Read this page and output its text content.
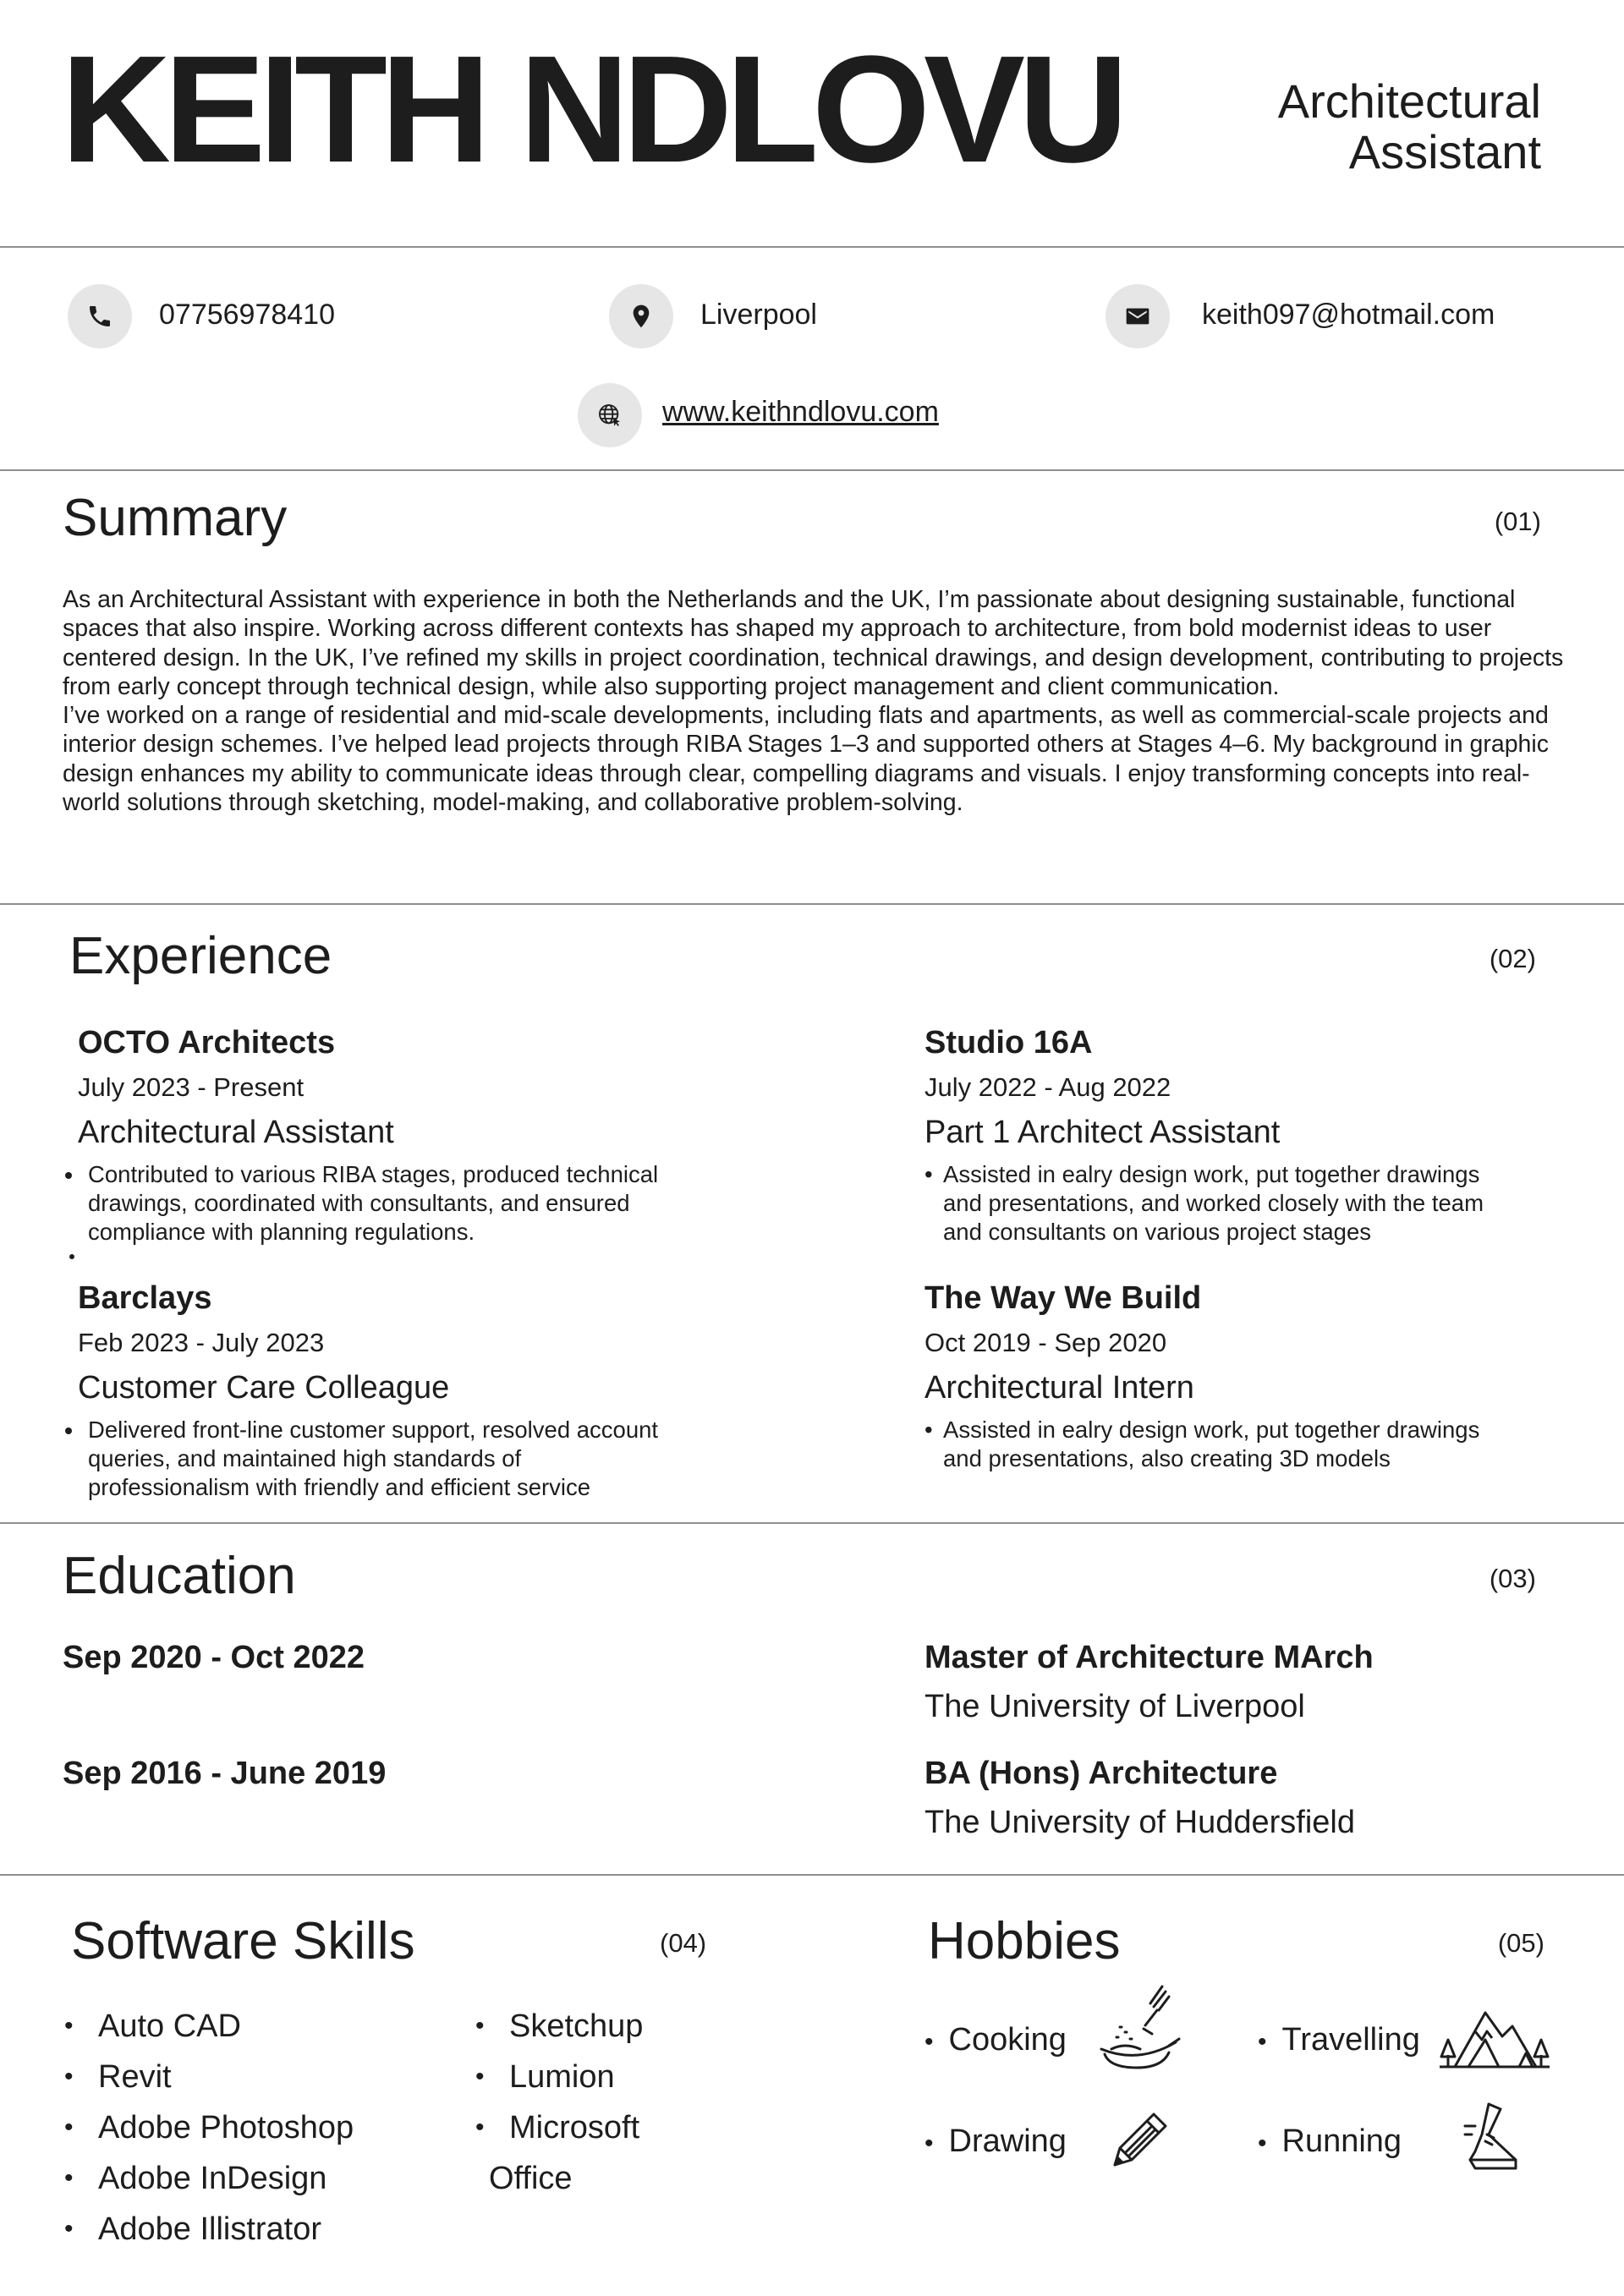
KEITH NDLOVU	Architectural
Assistant
07756978410	Liverpool	keith097@hotmail.com
www.keithndlovu.com
Summary	(01)

As an Architectural Assistant with experience in both the Netherlands and the UK, I’m passionate about designing sustainable, functional spaces that also inspire. Working across different contexts has shaped my approach to architecture, from bold modernist ideas to user centered design. In the UK, I’ve refined my skills in project coordination, technical drawings, and design development, contributing to projects from early concept through technical design, while also supporting project management and client communication.

I’ve worked on a range of residential and mid-scale developments, including flats and apartments, as well as commercial-scale projects and interior design schemes. I’ve helped lead projects through RIBA Stages 1–3 and supported others at Stages 4–6. My background in graphic design enhances my ability to communicate ideas through clear, compelling diagrams and visuals. I enjoy transforming concepts into real-world solutions through sketching, model-making, and collaborative problem-solving.

Experience	(02)
OCTO Architects
July 2023 - Present
Architectural Assistant
• Contributed to various RIBA stages, produced technical drawings, coordinated with consultants, and ensured compliance with planning regulations.
•
Studio 16A
July 2022 - Aug 2022
Part 1 Architect Assistant
• Assisted in ealry design work, put together drawings
and presentations, and worked closely with the team
and consultants on various project stages
Barclays
Feb 2023 - July 2023
Customer Care Colleague
• Delivered front-line customer support, resolved account queries, and maintained high standards of professionalism with friendly and efficient service
The Way We Build
Oct 2019 - Sep 2020
Architectural Intern
• Assisted in ealry design work, put together drawings
and presentations, also creating 3D models
Education	(03)
Sep 2020 - Oct 2022	Master of Architecture MArch
The University of Liverpool
Sep 2016 - June 2019	BA (Hons) Architecture
The University of Huddersfield
Software Skills	(04)
• Auto CAD
• Revit
• Adobe Photoshop
• Adobe InDesign
• Adobe Illistrator
• Sketchup
• Lumion
• Microsoft
Office
Hobbies	(05)
• Cooking	• Travelling
• Drawing	• Running
